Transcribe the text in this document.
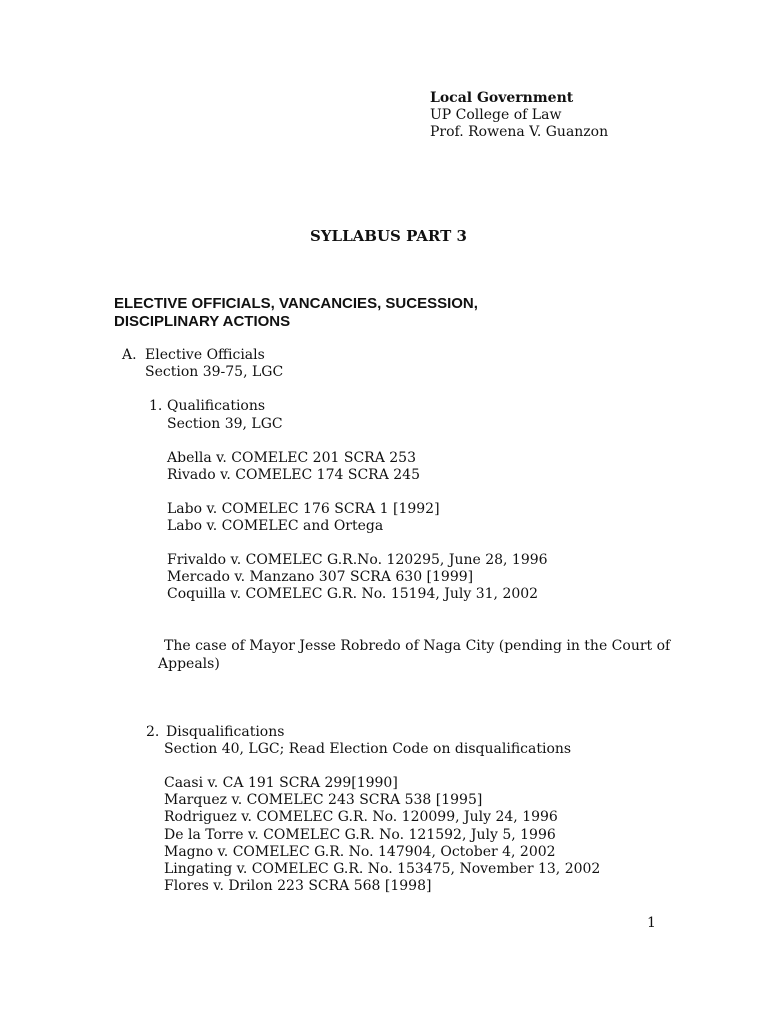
Local Government
UP College of Law
Prof. Rowena V. Guanzon
SYLLABUS PART 3
ELECTIVE OFFICIALS, VANCANCIES, SUCESSION,
DISCIPLINARY ACTIONS
A. Elective Officials
Section 39-75, LGC
1. Qualifications
Section 39, LGC
Abella v. COMELEC 201 SCRA 253
Rivado v. COMELEC 174 SCRA 245
Labo v. COMELEC 176 SCRA 1 [1992]
Labo v. COMELEC and Ortega
Frivaldo v. COMELEC G.R.No. 120295, June 28, 1996
Mercado v. Manzano 307 SCRA 630 [1999]
Coquilla v. COMELEC G.R. No. 15194, July 31, 2002
The case of Mayor Jesse Robredo of Naga City (pending in the Court of
Appeals)
2. Disqualifications
Section 40, LGC; Read Election Code on disqualifications
Caasi v. CA 191 SCRA 299[1990]
Marquez v. COMELEC 243 SCRA 538 [1995]
Rodriguez v. COMELEC G.R. No. 120099, July 24, 1996
De la Torre v. COMELEC G.R. No. 121592, July 5, 1996
Magno v. COMELEC G.R. No. 147904, October 4, 2002
Lingating v. COMELEC G.R. No. 153475, November 13, 2002
Flores v. Drilon 223 SCRA 568 [1998]
1
